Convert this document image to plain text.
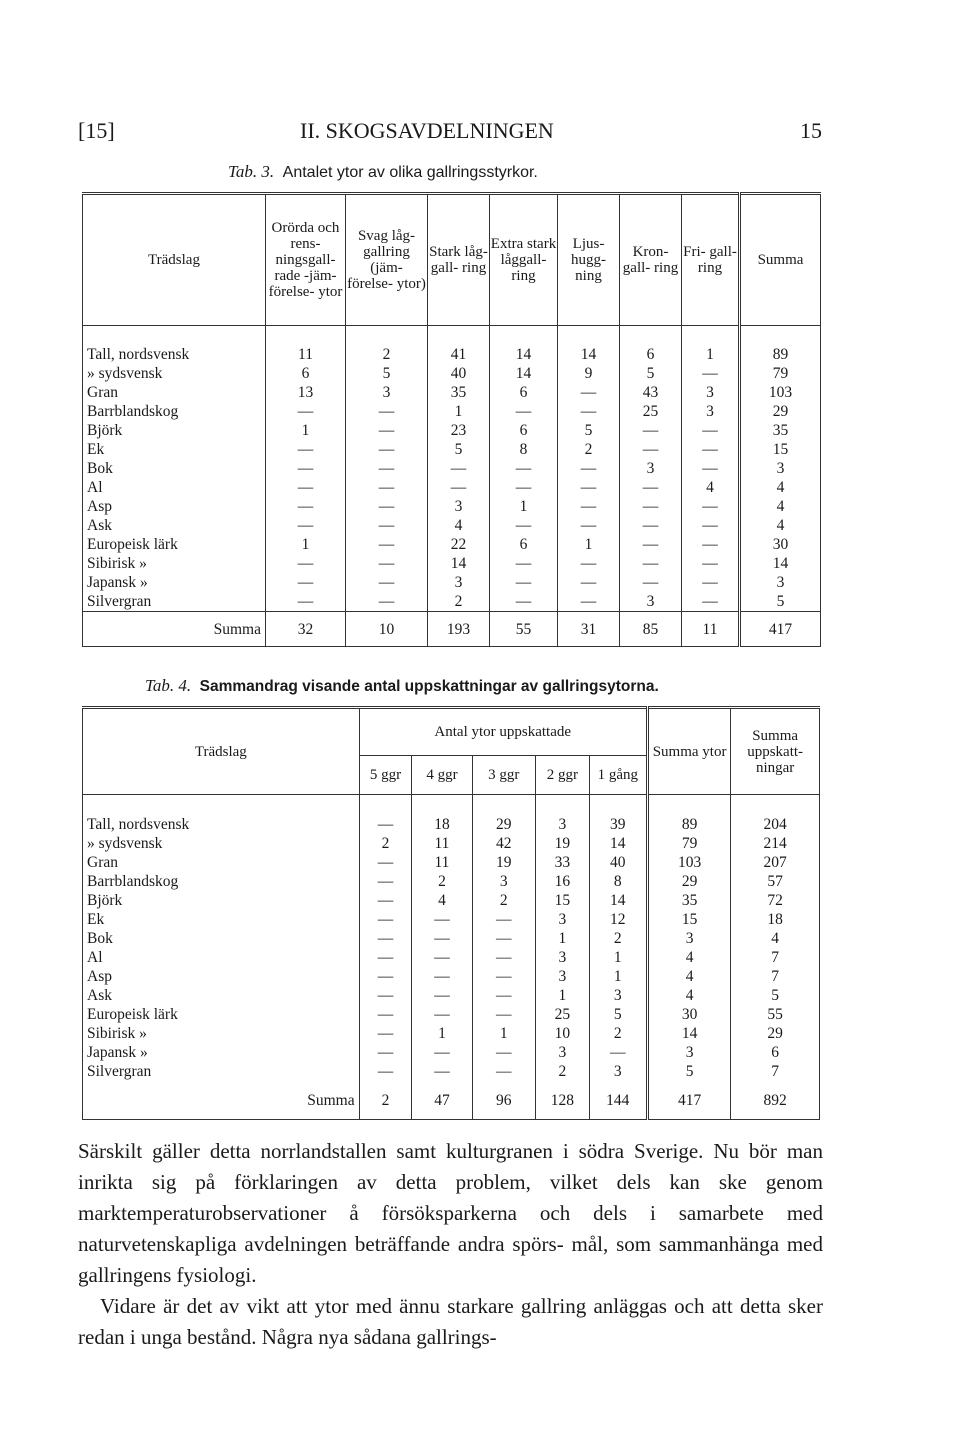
[15]	II. SKOGSAVDELNINGEN	15
Tab. 3. Antalet ytor av olika gallringsstyrkor.
Trädslag	Orörda och rens- ningsgall- rade -jäm- förelse- ytor	Svag låg- gallring (jäm- förelse- ytor)	Stark låg- gall- ring	Extra stark låggall- ring	Ljus- hugg- ning	Kron- gall- ring	Fri- gall- ring	Summa

Tall, nordsvensk	11	2	41	14	14	6	1	89
» sydsvensk	6	5	40	14	9	5	—	79
Gran	13	3	35	6	—	43	3	103
Barrblandskog	—	—	1	—	—	25	3	29
Björk	1	—	23	6	5	—	—	35
Ek	—	—	5	8	2	—	—	15
Bok	—	—	—	—	—	3	—	3
Al	—	—	—	—	—	—	4	4
Asp	—	—	3	1	—	—	—	4
Ask	—	—	4	—	—	—	—	4
Europeisk lärk	1	—	22	6	1	—	—	30
Sibirisk »	—	—	14	—	—	—	—	14
Japansk »	—	—	3	—	—	—	—	3
Silvergran	—	—	2	—	—	3	—	5
Summa	32	10	193	55	31	85	11	417
Tab. 4. Sammandrag visande antal uppskattningar av gallringsytorna.
Trädslag	Antal ytor uppskattade					Summa ytor	Summa uppskatt- ningar
	5 ggr	4 ggr	3 ggr	2 ggr	1 gång		

Tall, nordsvensk	—	18	29	3	39	89	204
» sydsvensk	2	11	42	19	14	79	214
Gran	—	11	19	33	40	103	207
Barrblandskog	—	2	3	16	8	29	57
Björk	—	4	2	15	14	35	72
Ek	—	—	—	3	12	15	18
Bok	—	—	—	1	2	3	4
Al	—	—	—	3	1	4	7
Asp	—	—	—	3	1	4	7
Ask	—	—	—	1	3	4	5
Europeisk lärk	—	—	—	25	5	30	55
Sibirisk »	—	1	1	10	2	14	29
Japansk »	—	—	—	3	—	3	6
Silvergran	—	—	—	2	3	5	7
Summa	2	47	96	128	144	417	892
Särskilt gäller detta norrlandstallen samt kulturgranen i södra Sverige. Nu bör man inrikta sig på förklaringen av detta problem, vilket dels kan ske genom marktemperaturobservationer å försöksparkerna och dels i samarbete med naturvetenskapliga avdelningen beträffande andra spörs- mål, som sammanhänga med gallringens fysiologi.
Vidare är det av vikt att ytor med ännu starkare gallring anläggas och att detta sker redan i unga bestånd. Några nya sådana gallrings-
